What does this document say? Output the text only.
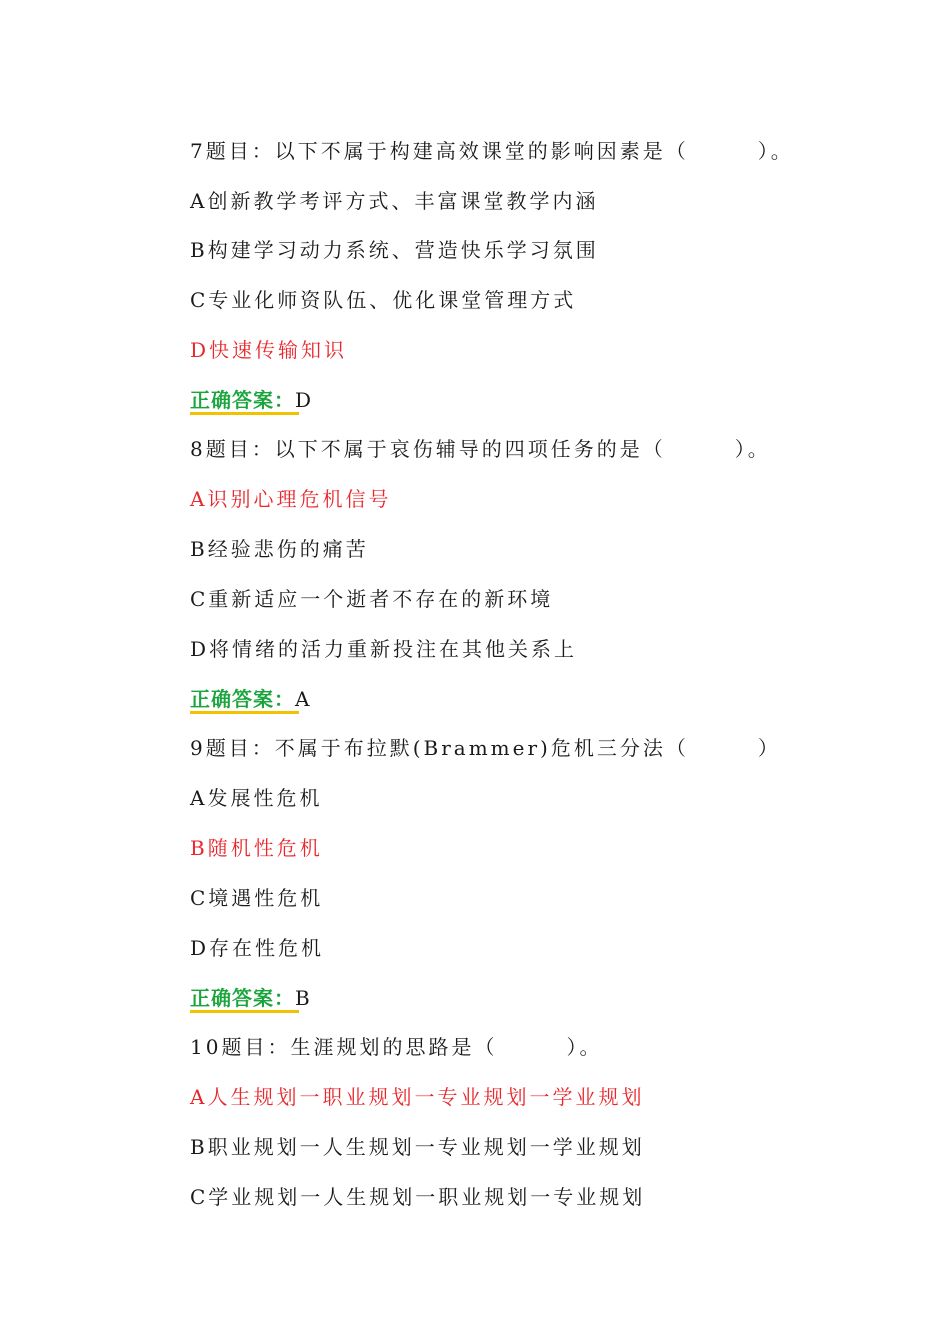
7题目：以下不属于构建高效课堂的影响因素是（　　　）。
A创新教学考评方式、丰富课堂教学内涵
B构建学习动力系统、营造快乐学习氛围
C专业化师资队伍、优化课堂管理方式
D快速传输知识
正确答案：D
8题目：以下不属于哀伤辅导的四项任务的是（　　　）。
A识别心理危机信号
B经验悲伤的痛苦
C重新适应一个逝者不存在的新环境
D将情绪的活力重新投注在其他关系上
正确答案：A
9题目：不属于布拉默(Brammer)危机三分法（　　　）
A发展性危机
B随机性危机
C境遇性危机
D存在性危机
正确答案：B
10题目：生涯规划的思路是（　　　）。
A人生规划一职业规划一专业规划一学业规划
B职业规划一人生规划一专业规划一学业规划
C学业规划一人生规划一职业规划一专业规划
